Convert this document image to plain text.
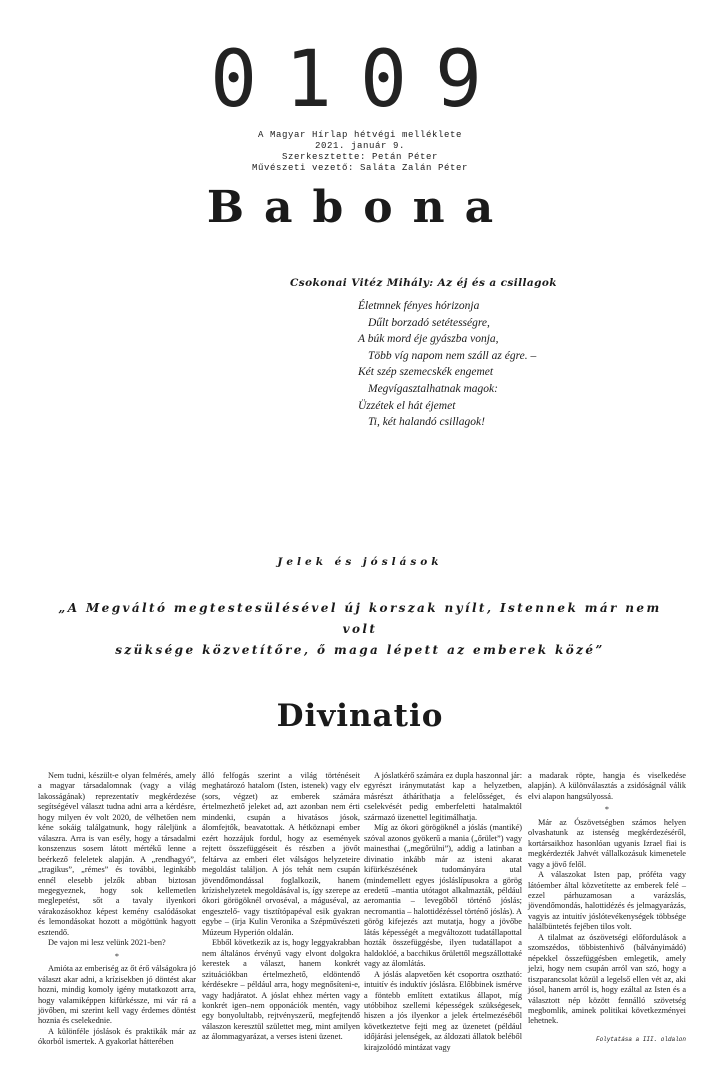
0109
A Magyar Hírlap hétvégi melléklete
2021. január 9.
Szerkesztette: Petán Péter
Művészeti vezető: Saláta Zalán Péter
Babona
Csokonai Vitéz Mihály: Az éj és a csillagok
Életmnek fényes hórizonja
Dűlt borzadó setétességre,
A búk mord éje gyászba vonja,
Több víg napom nem száll az égre. –
Két szép szemecskék engemet
Megvígasztalhatnak magok:
Üzzétek el hát éjemet
Ti, két halandó csillagok!
Jelek és jóslások
„A Megváltó megtestesülésével új korszak nyílt, Istennek már nem volt
szüksége közvetítőre, ő maga lépett az emberek közé”
Divinatio

Nem tudni, készült-e olyan felmérés, amely a magyar társadalomnak (vagy a világ lakosságának) reprezentatív megkérdezése segítségével választ tudna adni arra a kérdésre, hogy milyen év volt 2020, de vélhetően nem kéne sokáig találgatnunk, hogy ráleljünk a válaszra. Arra is van esély, hogy a társadalmi konszenzus sosem látott mértékű lenne a beérkező feleletek alapján. A „rendhagyó”, „tragikus”, „rémes” és további, leginkább ennél elesebb jelzők abban biztosan megegyeznek, hogy sok kellemetlen meglepetést, sőt a tavaly ilyenkori várakozásokhoz képest kemény csalódásokat és lemondásokat hozott a mögöttünk hagyott esztendő.

De vajon mi lesz velünk 2021-ben?

*

Amióta az emberiség az őt érő válságokra jó választ akar adni, a krízisekben jó döntést akar hozni, mindig komoly igény mutatkozott arra, hogy valamiképpen kifürkéssze, mi vár rá a jövőben, mi szerint kell vagy érdemes döntést hoznia és cselekednie.

A különféle jóslások és praktikák már az ókorból ismertek. A gyakorlat hátterében

álló felfogás szerint a világ történéseit meghatározó hatalom (Isten, istenek) vagy elv (sors, végzet) az emberek számára értelmezhető jeleket ad, azt azonban nem érti mindenki, csupán a hivatásos jósok, álomfejtők, beavatottak. A hétköznapi ember ezért hozzájuk fordul, hogy az események rejtett összefüggéseit és részben a jövőt feltárva az emberi élet válságos helyzeteire megoldást találjon. A jós tehát nem csupán jövendőmondással foglalkozik, hanem krízishelyzetek megoldásával is, így szerepe az ókori görögöknél orvoséval, a máguséval, az engesztelő- vagy tisztítópapéval esik gyakran egybe – (írja Kulin Veronika a Szépművészeti Múzeum Hyperión oldalán.

Ebből következik az is, hogy leggyakrabban nem általános érvényű vagy elvont dolgokra kerestek a választ, hanem konkrét szituációkban értelmezhető, eldöntendő kérdésekre – például arra, hogy megnősíteni-e, vagy hadjáratot. A jóslat ehhez mérten vagy konkrét igen–nem opponációk mentén, vagy egy bonyolultabb, rejtvényszerű, megfejtendő válaszon keresztül születtet meg, mint amilyen az álommagyarázat, a verses isteni üzenet.

A jóslatkérő számára ez dupla haszonnal jár: egyrészt iránymutatást kap a helyzetben, másrészt átháríthatja a felelősséget, és cselekvését pedig emberfeletti hatalmaktól származó üzenettel legitimálhatja.

Míg az ókori görögöknél a jóslás (mantiké) szóval azonos gyökerű a mania („őrület”) vagy mainesthai („megőrülni”), addig a latinban a divinatio inkább már az isteni akarat kifürkészésének tudományára utal (mindemellett egyes jósláslípusokra a görög eredetű –mantia utótagot alkalmazták, például aeromantia – levegőből történő jóslás; necromantia – halottidézéssel történő jóslás). A görög kifejezés azt mutatja, hogy a jövőbe látás képességét a megváltozott tudatállapottal hozták összefüggésbe, ilyen tudatállapot a haldoklóé, a bacchikus őrülettől megszállottaké vagy az álomlátás.

A jóslás alapvetően két csoportra osztható: intuitív és induktív jóslásra. Előbbinek ismérve a föntebb említett extatikus állapot, míg utóbbihoz szellemi képességek szükségesek, hiszen a jós ilyenkor a jelek értelmezéséből következtetve fejti meg az üzenetet (például időjárási jelenségek, az áldozati állatok beléből kirajzolódó mintázat vagy

a madarak röpte, hangja és viselkedése alapján). A különválasztás a zsidóságnál válik elvi alapon hangsúlyossá.

*

Már az Ószövetségben számos helyen olvashatunk az istenség megkérdezéséről, kortársaikhoz hasonlóan ugyanis Izrael fiai is megkérdezték Jahvét vállalkozásuk kimenetele vagy a jövő felől.

A válaszokat Isten pap, próféta vagy látóember által közvetítette az emberek felé – ezzel párhuzamosan a varázslás, jövendőmondás, halottidézés és jelmagyarázás, vagyis az intuitív jóslótevékenységek többsége halálbüntetés fejében tilos volt.

A tilalmat az ószövetségi előfordulások a szomszédos, többistenhivő (bálványimádó) népekkel összefüggésben emlegetik, amely jelzi, hogy nem csupán arról van szó, hogy a tiszparancsolat közül a legelső ellen vét az, aki jósol, hanem arról is, hogy ezáltal az Isten és a választott nép között fennálló szövetség megbomlik, aminek politikai következményei lehetnek.

Folytatása a III. oldalon
